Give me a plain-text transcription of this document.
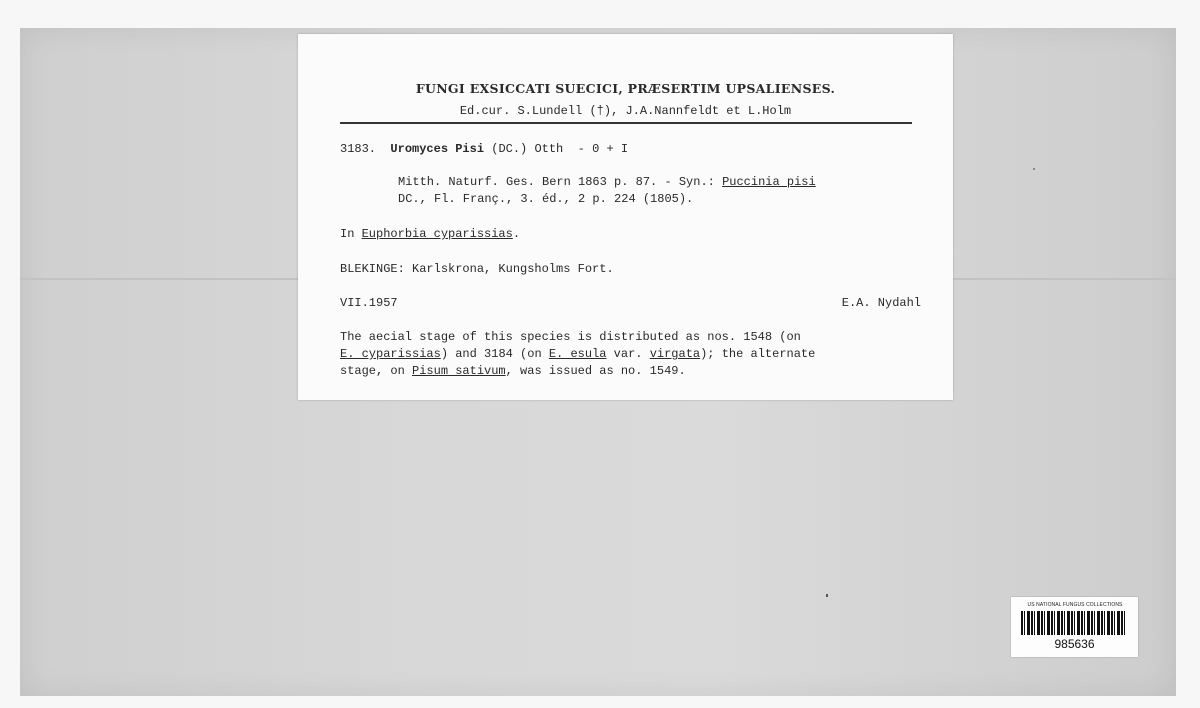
FUNGI EXSICCATI SUECICI, PRÆSERTIM UPSALIENSES.
Ed.cur. S.Lundell (†), J.A.Nannfeldt et L.Holm
3183. Uromyces Pisi (DC.) Otth - 0 + I
Mitth. Naturf. Ges. Bern 1863 p. 87. - Syn.: Puccinia pisi
DC., Fl. Franç., 3. éd., 2 p. 224 (1805).
In Euphorbia cyparissias.
BLEKINGE: Karlskrona, Kungsholms Fort.
VII.1957	E.A. Nydahl
The aecial stage of this species is distributed as nos. 1548 (on
E. cyparissias) and 3184 (on E. esula var. virgata); the alternate
stage, on Pisum sativum, was issued as no. 1549.
US NATIONAL FUNGUS COLLECTIONS
985636
